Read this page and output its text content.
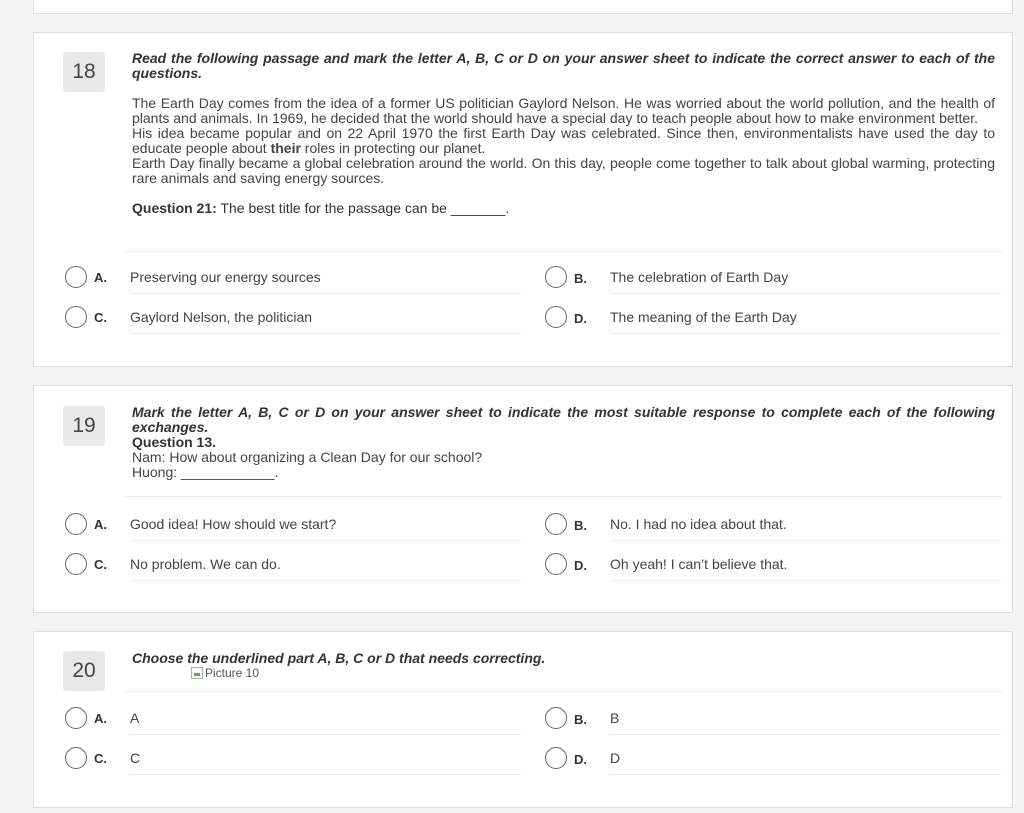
18
Read the following passage and mark the letter A, B, C or D on your answer sheet to indicate the correct answer to each of the questions.

The Earth Day comes from the idea of a former US politician Gaylord Nelson. He was worried about the world pollution, and the health of plants and animals. In 1969, he decided that the world should have a special day to teach people about how to make environment better.

His idea became popular and on 22 April 1970 the first Earth Day was celebrated. Since then, environmentalists have used the day to educate people about their roles in protecting our planet.

Earth Day finally became a global celebration around the world. On this day, people come together to talk about global warming, protecting rare animals and saving energy sources.

Question 21: The best title for the passage can be _______.
A. Preserving our energy sources	B. The celebration of Earth Day
C. Gaylord Nelson, the politician	D. The meaning of the Earth Day
19
Mark the letter A, B, C or D on your answer sheet to indicate the most suitable response to complete each of the following exchanges.
Question 13.
Nam: How about organizing a Clean Day for our school?
Huong: ____________.
A. Good idea! How should we start?	B. No. I had no idea about that.
C. No problem. We can do.	D. Oh yeah! I can’t believe that.
20
Choose the underlined part A, B, C or D that needs correcting.
Picture 10
A. A	B. B
C. C	D. D
